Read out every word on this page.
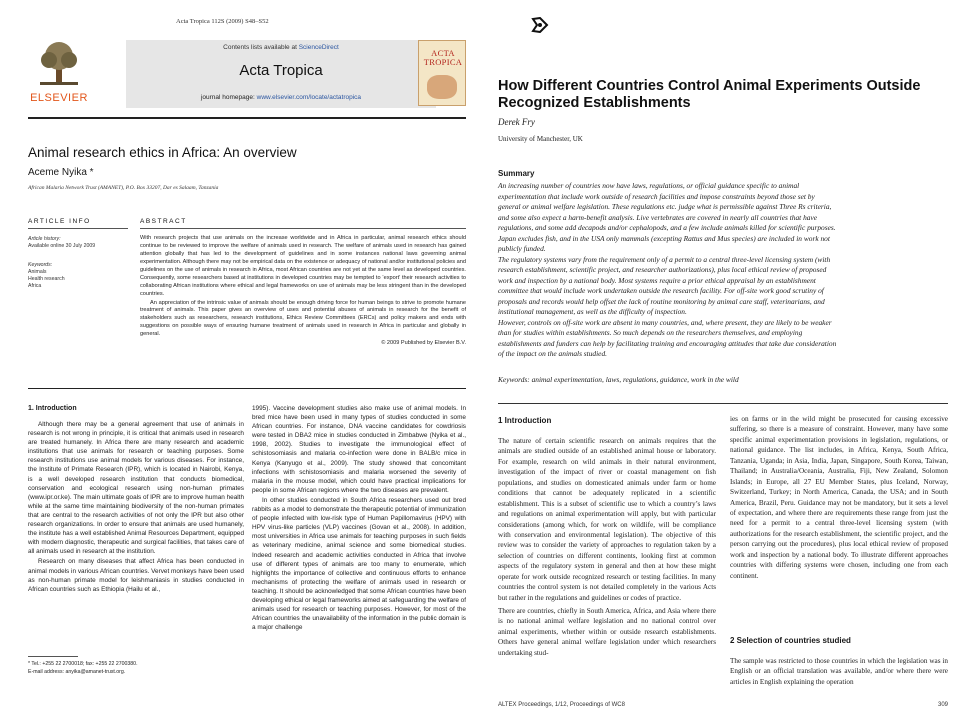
Acta Tropica 112S (2009) S48–S52
ELSEVIER
Contents lists available at ScienceDirect
Acta Tropica
journal homepage: www.elsevier.com/locate/actatropica
ACTA TROPICA
Animal research ethics in Africa: An overview
Aceme Nyika *
African Malaria Network Trust (AMANET), P.O. Box 33207, Dar es Salaam, Tanzania
ARTICLE INFO	ABSTRACT
Article history:
Available online 30 July 2009
Keywords:
Animals
Health research
Africa

With research projects that use animals on the increase worldwide and in Africa in particular, animal research ethics should continue to be reviewed to improve the welfare of animals used in research. The welfare of animals used in research has gained attention globally that has led to the development of guidelines and in some instances national laws governing animal experimentation. Although there may not be empirical data on the existence or adequacy of national and/or institutional policies and guidelines on the use of animals in research in Africa, most African countries are not yet at the same level as developed countries. Consequently, some researchers based at institutions in developed countries may be tempted to ‘export’ their research activities to collaborating African institutions where ethical and legal frameworks on use of animals may be less stringent than in the developed countries.

An appreciation of the intrinsic value of animals should be enough driving force for human beings to strive to promote humane treatment of animals. This paper gives an overview of uses and potential abuses of animals in research for the benefit of stakeholders such as researchers, research institutions, Ethics Review Committees (ERCs) and policy makers and ends with suggestions on possible ways of ensuring humane treatment of animals used in research in Africa in particular and globally in general.

© 2009 Published by Elsevier B.V.
1. Introduction

Although there may be a general agreement that use of animals in research is not wrong in principle, it is critical that animals used in research are treated humanely. In Africa there are many research and academic institutions that use animals for research or teaching purposes. Some research institutions use animal models for various diseases. For instance, the Institute of Primate Research (IPR), which is located in Nairobi, Kenya, is a well developed research institution that conducts biomedical, conservation and ecological research using non-human primates (www.ipr.or.ke). The main ultimate goals of IPR are to improve human health while at the same time maintaining biodiversity of the non-human primates that are central to the research activities of not only the IPR but also other research organizations. In order to ensure that animals are used humanely, the institute has a well established Animal Resources Department, equipped with modern diagnostic, therapeutic and surgical facilities, that takes care of all animals used in research at the institution.

Research on many diseases that affect Africa has been conducted in animal models in various African countries. Vervet monkeys have been used as non-human primate model for leishmaniasis in studies conducted in African countries such as Ethiopia (Hailu et al.,

* Tel.: +255 22 2700018; fax: +255 22 2700380.
E-mail address: anyika@amanet-trust.org.

1995). Vaccine development studies also make use of animal models. In bred mice have been used in many types of studies conducted in some African countries. For instance, DNA vaccine candidates for cowdriosis were tested in DBA2 mice in studies conducted in Zimbabwe (Nyika et al., 1998, 2002). Studies to investigate the immunological effect of schistosomiasis and malaria co-infection were done in BALB/c mice in Kenya (Kanyugo et al., 2009). The study showed that concomitant infections with schistosomiasis and malaria worsened the severity of malaria in the mouse model, which could have practical implications for people in some African regions where the two diseases are prevalent.

In other studies conducted in South Africa researchers used out bred rabbits as a model to demonstrate the therapeutic potential of immunization of people infected with low-risk type of Human Papillomavirus (HPV) with HPV virus-like particles (VLP) vaccines (Govan et al., 2008). In addition, most universities in Africa use animals for teaching purposes in such fields as veterinary medicine, animal science and some biomedical studies. Indeed research and academic activities conducted in Africa that involve use of different types of animals are too many to enumerate, which highlights the importance of collective and continuous efforts to enhance mechanisms of protecting the welfare of animals used in research or teaching. It should be acknowledged that some African countries have been developing ethical or legal frameworks aimed at safeguarding the welfare of animals used for research or teaching purposes. However, for most of the African countries the unavailability of the information in the public domain is a major challenge

How Different Countries Control Animal Experiments Outside Recognized Establishments
Derek Fry
University of Manchester, UK
Summary
An increasing number of countries now have laws, regulations, or official guidance specific to animal experimentation that include work outside of research facilities and impose constraints beyond those set by general or animal welfare legislation. These regulations etc. judge what is permissible against Three Rs criteria, and some also expect a harm-benefit analysis. Live vertebrates are covered in nearly all countries that have regulations, and some add decapods and/or cephalopods, and a few include animals killed for scientific purposes. Japan excludes fish, and in the USA only mammals (excepting Rattus and Mus species) are included in work not publicly funded.
The regulatory systems vary from the requirement only of a permit to a central three-level licensing system (with research establishment, scientific project, and researcher authorizations), plus local ethical review of proposed work and inspection by a national body. Most systems require a prior ethical appraisal by an establishment committee that would include work undertaken outside the research facility. For off-site work good scrutiny of proposals and records would help offset the lack of routine monitoring by animal care staff, veterinarians, and institutional management, as well as the difficulty of inspection.
However, controls on off-site work are absent in many countries, and, where present, they are likely to be weaker than for studies within establishments. So much depends on the researchers themselves, and employing establishments and funders can help by facilitating training and encouraging attitudes that take due consideration of the impact on the animals studied.
Keywords: animal experimentation, laws, regulations, guidance, work in the wild
1 Introduction

The nature of certain scientific research on animals requires that the animals are studied outside of an established animal house or laboratory. For example, research on wild animals in their natural environment, investigation of the impact of river or coastal management on fish populations, and studies on domesticated animals under farm or home conditions that cannot be adequately replicated in a scientific establishment. This is a subset of scientific use to which a country’s laws and regulations on animal experimentation will apply, but with particular considerations (among which, for work on wildlife, will be compliance with conservation and environmental legislation). The objective of this review was to consider the variety of approaches to regulation taken by a selection of countries on different continents, looking first at common aspects of the regulatory system in general and then at how these might operate for work outside recognized research or testing facilities. In many countries the control system is not detailed completely in the various Acts but rather in the regulations and guidelines or codes of practice.

There are countries, chiefly in South America, Africa, and Asia where there is no national animal welfare legislation and no national control over animal experiments, whether within or outside research establishments. Others have general animal welfare legislation under which researchers undertaking stud-

ies on farms or in the wild might be prosecuted for causing excessive suffering, so there is a measure of constraint. However, many have some specific animal experimentation provisions in legislation, regulations, or national guidance. The list includes, in Africa, Kenya, South Africa, Tanzania, Uganda; in Asia, India, Japan, Singapore, South Korea, Taiwan, Thailand; in Australia/Oceania, Australia, Fiji, New Zealand, Solomon Islands; in Europe, all 27 EU Member States, plus Iceland, Norway, Switzerland, Turkey; in North America, Canada, the USA; and in South America, Brazil, Peru. Guidance may not be mandatory, but it sets a level of expectation, and where there are requirements these range from just the need for a permit to a central three-level licensing system (with authorizations for the research establishment, the scientific project, and the person carrying out the procedures), plus local ethical review of proposed work and inspection by a national body. To illustrate different approaches countries with differing systems were chosen, including one from each continent.

2 Selection of countries studied

The sample was restricted to those countries in which the legislation was in English or an official translation was available, and/or where there were articles in English explaining the operation

ALTEX Proceedings, 1/12, Proceedings of WC8	309
